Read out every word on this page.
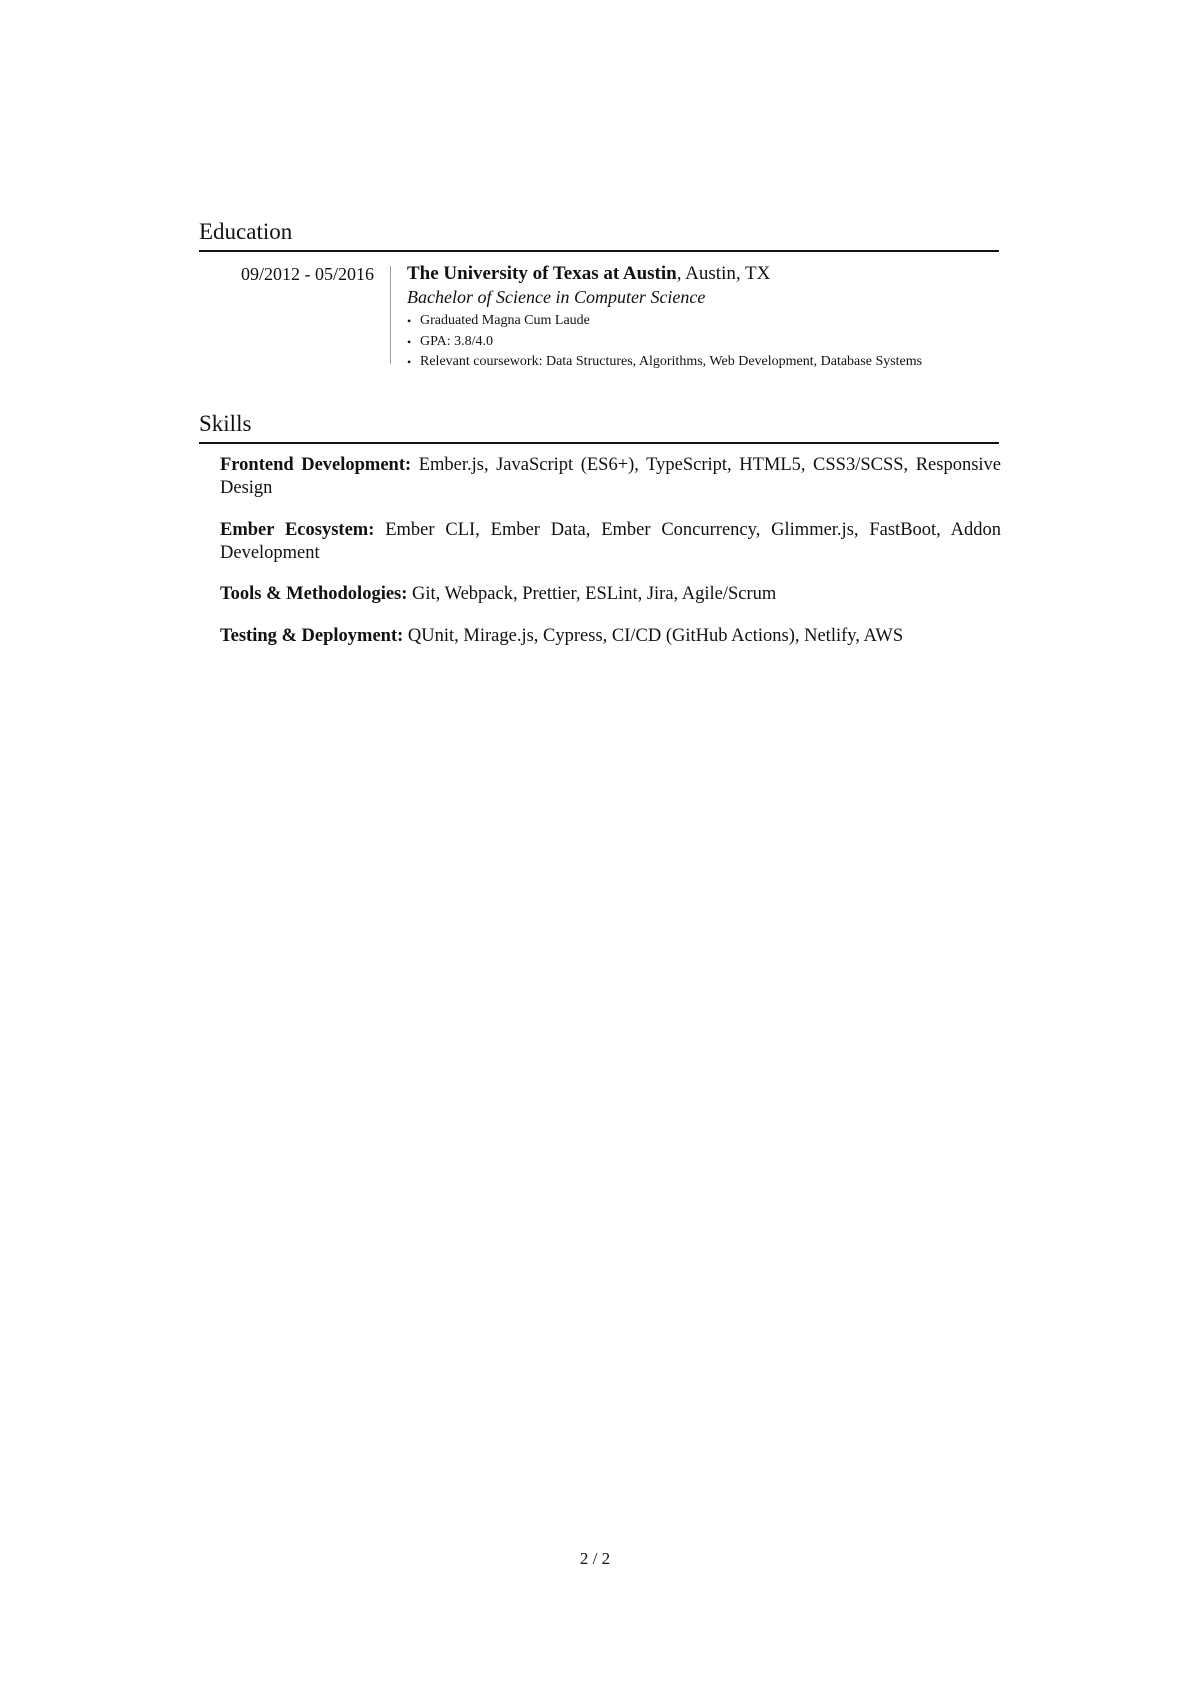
Education
09/2012 - 05/2016 The University of Texas at Austin, Austin, TX
Bachelor of Science in Computer Science
• Graduated Magna Cum Laude
• GPA: 3.8/4.0
• Relevant coursework: Data Structures, Algorithms, Web Development, Database Systems
Skills

Frontend Development: Ember.js, JavaScript (ES6+), TypeScript, HTML5, CSS3/SCSS, Responsive Design

Ember Ecosystem: Ember CLI, Ember Data, Ember Concurrency, Glimmer.js, FastBoot, Addon Development

Tools & Methodologies: Git, Webpack, Prettier, ESLint, Jira, Agile/Scrum

Testing & Deployment: QUnit, Mirage.js, Cypress, CI/CD (GitHub Actions), Netlify, AWS

2 / 2
